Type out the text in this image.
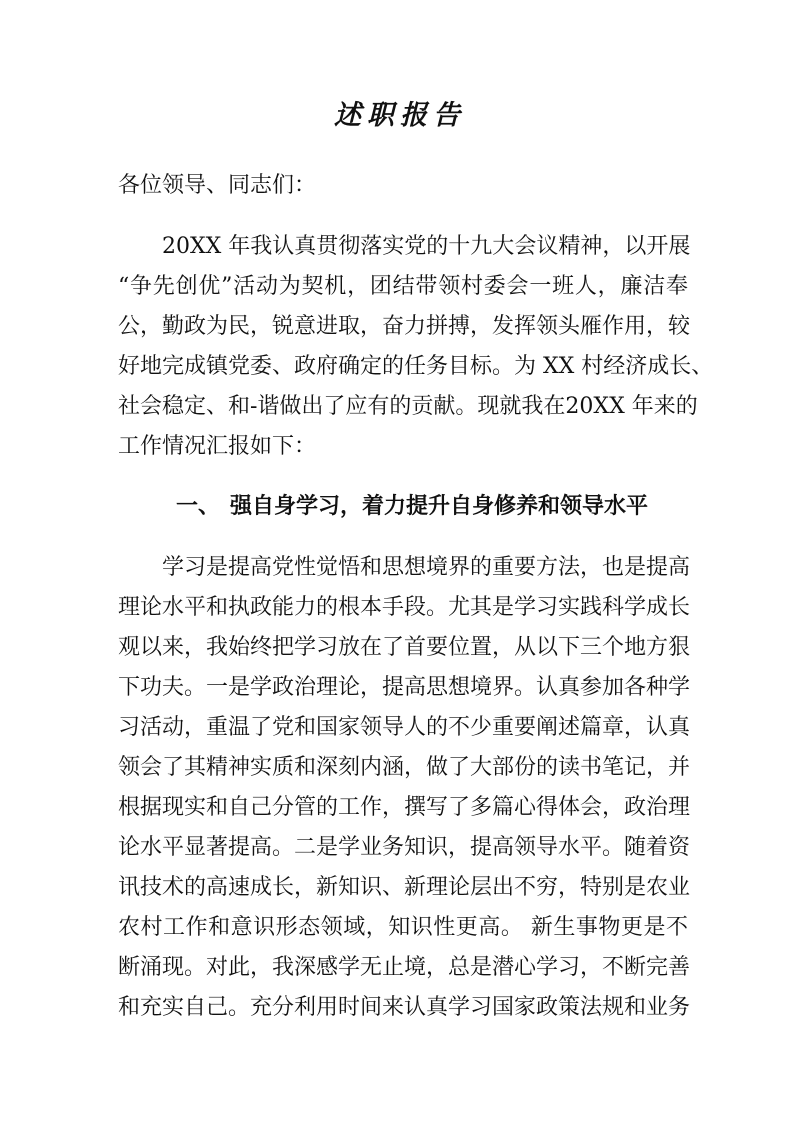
述职报告
各位领导、同志们：
20XX 年我认真贯彻落实党的十九大会议精神，以开展
“争先创优”活动为契机，团结带领村委会一班人，廉洁奉
公，勤政为民，锐意进取，奋力拼搏，发挥领头雁作用，较
好地完成镇党委、政府确定的任务目标。为 XX 村经济成长、
社会稳定、和-谐做出了应有的贡献。现就我在20XX 年来的
工作情况汇报如下：
一、 强自身学习，着力提升自身修养和领导水平
学习是提高党性觉悟和思想境界的重要方法，也是提高
理论水平和执政能力的根本手段。尤其是学习实践科学成长
观以来，我始终把学习放在了首要位置，从以下三个地方狠
下功夫。一是学政治理论，提高思想境界。认真参加各种学
习活动，重温了党和国家领导人的不少重要阐述篇章，认真
领会了其精神实质和深刻内涵，做了大部份的读书笔记，并
根据现实和自己分管的工作，撰写了多篇心得体会，政治理
论水平显著提高。二是学业务知识，提高领导水平。随着资
讯技术的高速成长，新知识、新理论层出不穷，特别是农业
农村工作和意识形态领域，知识性更高。 新生事物更是不
断涌现。对此，我深感学无止境，总是潜心学习，不断完善
和充实自己。充分利用时间来认真学习国家政策法规和业务
